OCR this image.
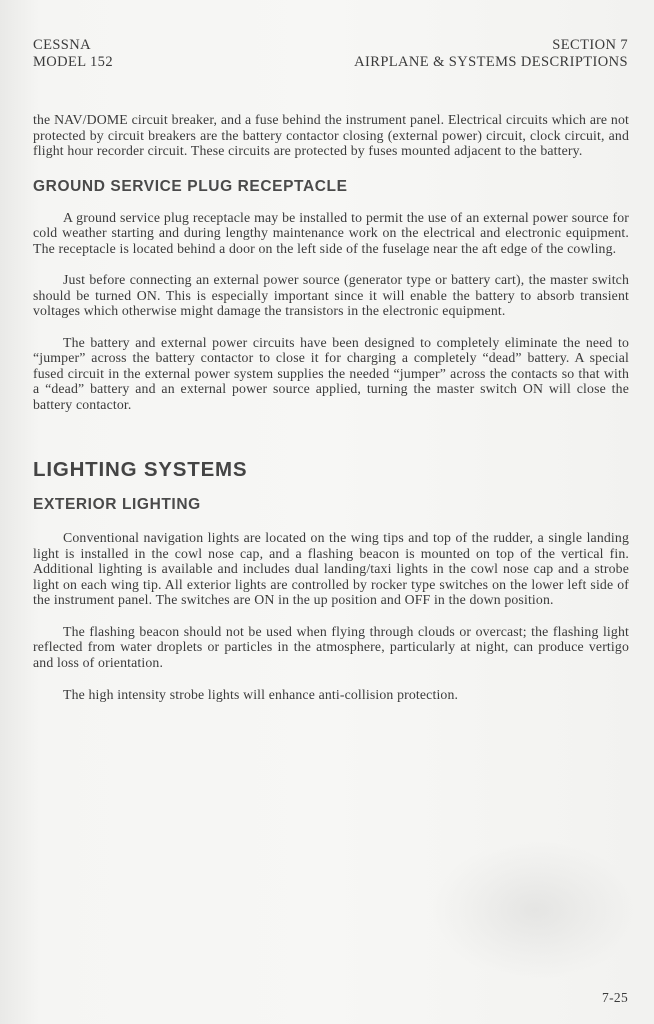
CESSNA
MODEL 152
SECTION 7
AIRPLANE & SYSTEMS DESCRIPTIONS

the NAV/DOME circuit breaker, and a fuse behind the instrument panel. Electrical circuits which are not protected by circuit breakers are the battery contactor closing (external power) circuit, clock circuit, and flight hour recorder circuit. These circuits are protected by fuses mounted adjacent to the battery.

GROUND SERVICE PLUG RECEPTACLE

A ground service plug receptacle may be installed to permit the use of an external power source for cold weather starting and during lengthy maintenance work on the electrical and electronic equipment. The receptacle is located behind a door on the left side of the fuselage near the aft edge of the cowling.

Just before connecting an external power source (generator type or battery cart), the master switch should be turned ON. This is especially important since it will enable the battery to absorb transient voltages which otherwise might damage the transistors in the electronic equipment.

The battery and external power circuits have been designed to completely eliminate the need to “jumper” across the battery contactor to close it for charging a completely “dead” battery. A special fused circuit in the external power system supplies the needed “jumper” across the contacts so that with a “dead” battery and an external power source applied, turning the master switch ON will close the battery contactor.

LIGHTING SYSTEMS
EXTERIOR LIGHTING

Conventional navigation lights are located on the wing tips and top of the rudder, a single landing light is installed in the cowl nose cap, and a flashing beacon is mounted on top of the vertical fin. Additional lighting is available and includes dual landing/taxi lights in the cowl nose cap and a strobe light on each wing tip. All exterior lights are controlled by rocker type switches on the lower left side of the instrument panel. The switches are ON in the up position and OFF in the down position.

The flashing beacon should not be used when flying through clouds or overcast; the flashing light reflected from water droplets or particles in the atmosphere, particularly at night, can produce vertigo and loss of orientation.

The high intensity strobe lights will enhance anti-collision protection.

7-25
